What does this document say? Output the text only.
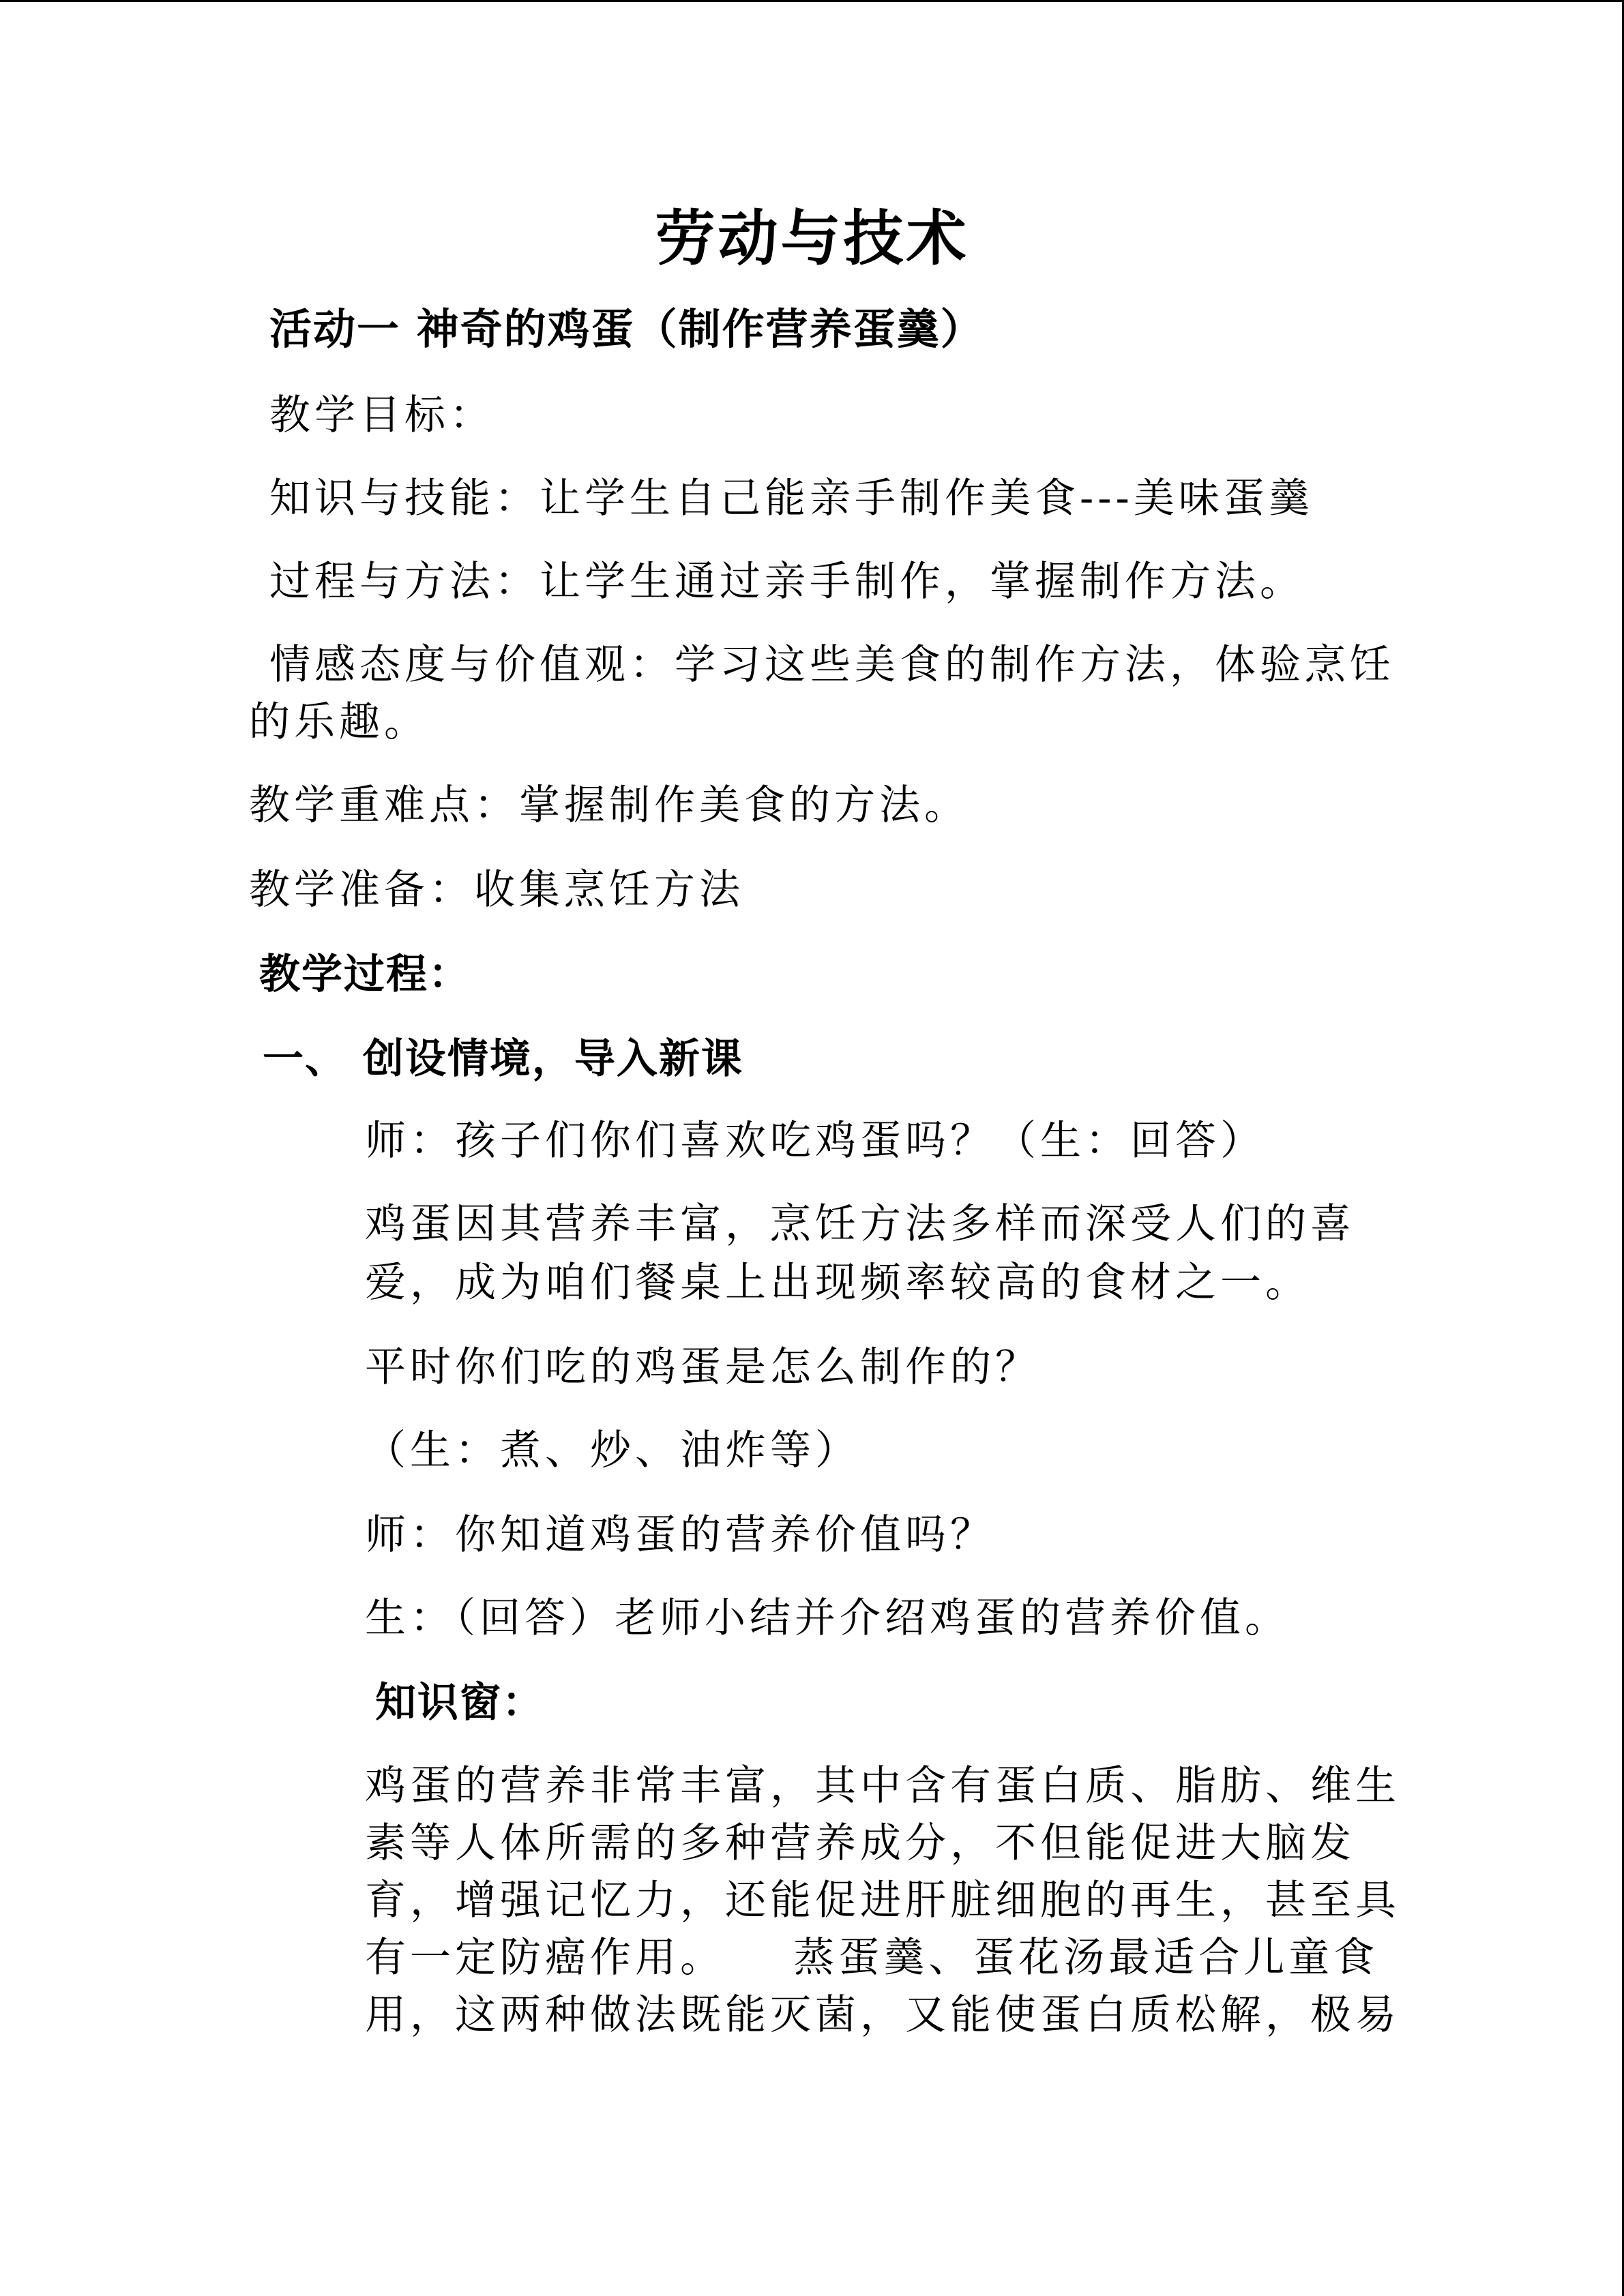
劳动与技术
活动一 神奇的鸡蛋（制作营养蛋羹）
教学目标：
知识与技能：让学生自己能亲手制作美食---美味蛋羹
过程与方法：让学生通过亲手制作，掌握制作方法。
情感态度与价值观：学习这些美食的制作方法，体验烹饪
的乐趣。
教学重难点：掌握制作美食的方法。
教学准备：收集烹饪方法
教学过程：
一、 创设情境，导入新课
师：孩子们你们喜欢吃鸡蛋吗？（生：回答）
鸡蛋因其营养丰富，烹饪方法多样而深受人们的喜
爱，成为咱们餐桌上出现频率较高的食材之一。
平时你们吃的鸡蛋是怎么制作的？
（生：煮、炒、油炸等）
师：你知道鸡蛋的营养价值吗？
生：（回答）老师小结并介绍鸡蛋的营养价值。
知识窗：
鸡蛋的营养非常丰富，其中含有蛋白质、脂肪、维生
素等人体所需的多种营养成分，不但能促进大脑发
育，增强记忆力，还能促进肝脏细胞的再生，甚至具
有一定防癌作用。    蒸蛋羹、蛋花汤最适合儿童食
用，这两种做法既能灭菌，又能使蛋白质松解，极易
